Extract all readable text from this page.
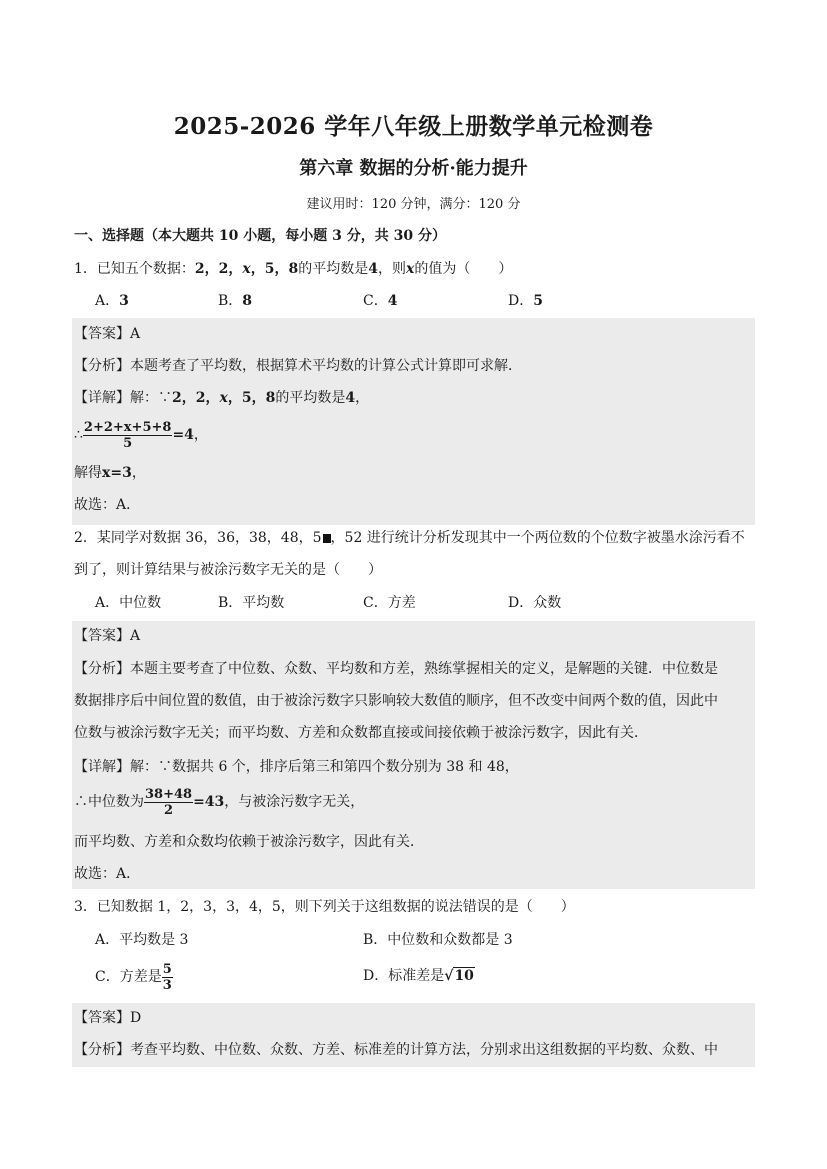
2025-2026 学年八年级上册数学单元检测卷
第六章 数据的分析·能力提升
建议用时：120 分钟，满分：120 分
一、选择题（本大题共 10 小题，每小题 3 分，共 30 分）
1．已知五个数据：2，2，x，5，8的平均数是4，则x的值为（　　）
A．3	B．8	C．4	D．5
【答案】A
【分析】本题考查了平均数，根据算术平均数的计算公式计算即可求解．
【详解】解：∵2，2，x，5，8的平均数是4，
∴ $\frac{2+2+x+5+8}{5} =4$，
解得x=3，
故选：A．
2．某同学对数据 36，36，38，48，5 ，52 进行统计分析发现其中一个两位数的个位数字被墨水涂污看不
到了，则计算结果与被涂污数字无关的是（　　）
A．中位数	B．平均数	C．方差	D．众数
【答案】A
【分析】本题主要考查了中位数、众数、平均数和方差，熟练掌握相关的定义，是解题的关键．中位数是
数据排序后中间位置的数值，由于被涂污数字只影响较大数值的顺序，但不改变中间两个数的值，因此中
位数与被涂污数字无关；而平均数、方差和众数都直接或间接依赖于被涂污数字，因此有关．
【详解】解：∵数据共 6 个，排序后第三和第四个数分别为 38 和 48，
∴中位数为 $\frac{38+48}{2} =43$，与被涂污数字无关，
而平均数、方差和众数均依赖于被涂污数字，因此有关．
故选：A．
3．已知数据 1，2，3，3，4，5，则下列关于这组数据的说法错误的是（　　）
A．平均数是 3	B．中位数和众数都是 3
C．方差是 $\frac{5}{3}$	D．标准差是√10
【答案】D
【分析】考查平均数、中位数、众数、方差、标准差的计算方法，分别求出这组数据的平均数、众数、中
